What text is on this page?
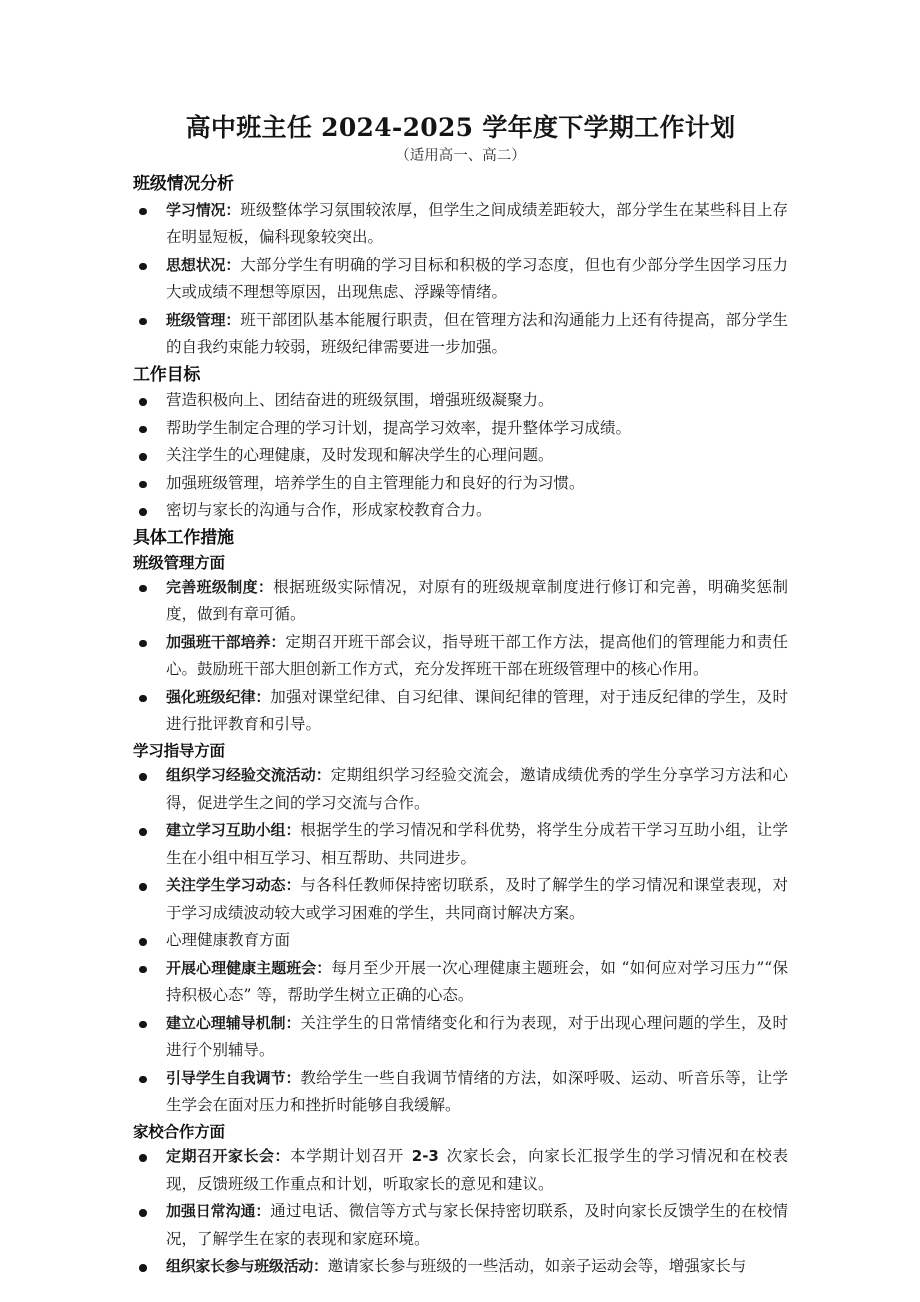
高中班主任 2024-2025 学年度下学期工作计划

（适用高一、高二）

班级情况分析
学习情况：班级整体学习氛围较浓厚，但学生之间成绩差距较大，部分学生在某些科目上存在明显短板，偏科现象较突出。
思想状况：大部分学生有明确的学习目标和积极的学习态度，但也有少部分学生因学习压力大或成绩不理想等原因，出现焦虑、浮躁等情绪。
班级管理：班干部团队基本能履行职责，但在管理方法和沟通能力上还有待提高，部分学生的自我约束能力较弱，班级纪律需要进一步加强。
工作目标
营造积极向上、团结奋进的班级氛围，增强班级凝聚力。
帮助学生制定合理的学习计划，提高学习效率，提升整体学习成绩。
关注学生的心理健康，及时发现和解决学生的心理问题。
加强班级管理，培养学生的自主管理能力和良好的行为习惯。
密切与家长的沟通与合作，形成家校教育合力。
具体工作措施
班级管理方面
完善班级制度：根据班级实际情况，对原有的班级规章制度进行修订和完善，明确奖惩制度，做到有章可循。
加强班干部培养：定期召开班干部会议，指导班干部工作方法，提高他们的管理能力和责任心。鼓励班干部大胆创新工作方式，充分发挥班干部在班级管理中的核心作用。
强化班级纪律：加强对课堂纪律、自习纪律、课间纪律的管理，对于违反纪律的学生，及时进行批评教育和引导。
学习指导方面
组织学习经验交流活动：定期组织学习经验交流会，邀请成绩优秀的学生分享学习方法和心得，促进学生之间的学习交流与合作。
建立学习互助小组：根据学生的学习情况和学科优势，将学生分成若干学习互助小组，让学生在小组中相互学习、相互帮助、共同进步。
关注学生学习动态：与各科任教师保持密切联系，及时了解学生的学习情况和课堂表现，对于学习成绩波动较大或学习困难的学生，共同商讨解决方案。
心理健康教育方面
开展心理健康主题班会：每月至少开展一次心理健康主题班会，如 “如何应对学习压力”“保持积极心态” 等，帮助学生树立正确的心态。
建立心理辅导机制：关注学生的日常情绪变化和行为表现，对于出现心理问题的学生，及时进行个别辅导。
引导学生自我调节：教给学生一些自我调节情绪的方法，如深呼吸、运动、听音乐等，让学生学会在面对压力和挫折时能够自我缓解。
家校合作方面
定期召开家长会：本学期计划召开 2-3 次家长会，向家长汇报学生的学习情况和在校表现，反馈班级工作重点和计划，听取家长的意见和建议。
加强日常沟通：通过电话、微信等方式与家长保持密切联系，及时向家长反馈学生的在校情况，了解学生在家的表现和家庭环境。
组织家长参与班级活动：邀请家长参与班级的一些活动，如亲子运动会等，增强家长与
